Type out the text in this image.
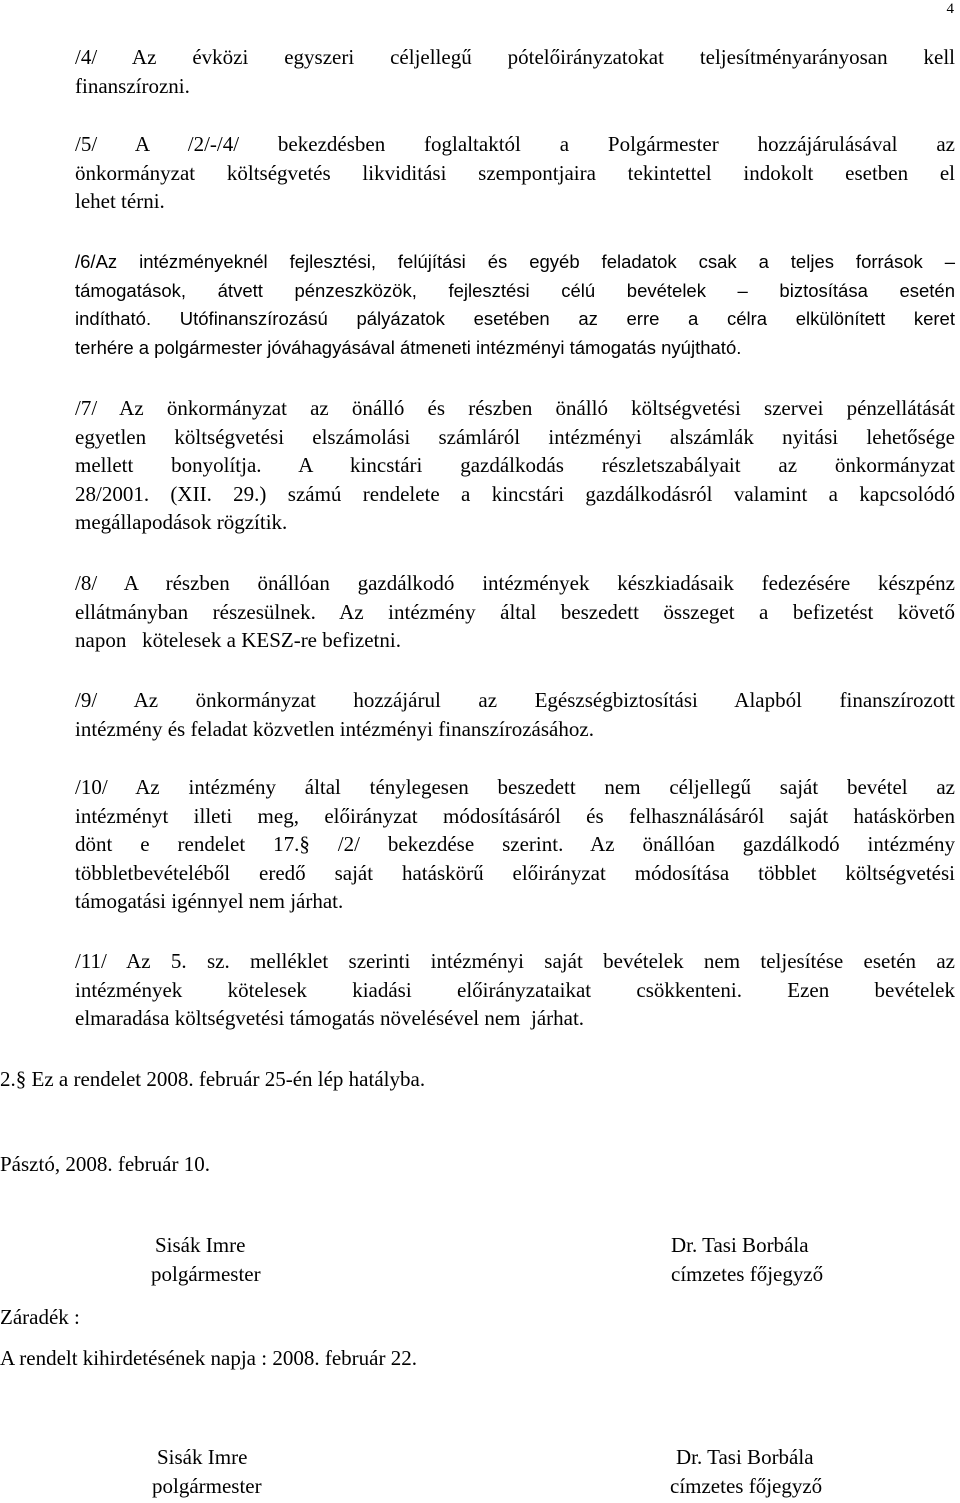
4
/4/ Az évközi egyszeri céljellegű pótelőirányzatokat teljesítményarányosan kell
finanszírozni.
/5/ A /2/-/4/ bekezdésben foglaltaktól a Polgármester hozzájárulásával az
önkormányzat költségvetés likviditási szempontjaira tekintettel indokolt esetben el
lehet térni.
/6/Az intézményeknél fejlesztési, felújítási és egyéb feladatok csak a teljes források –
támogatások, átvett pénzeszközök, fejlesztési célú bevételek – biztosítása esetén
indítható. Utófinanszírozású pályázatok esetében az erre a célra elkülönített keret
terhére a polgármester jóváhagyásával átmeneti intézményi támogatás nyújtható.
/7/ Az önkormányzat az önálló és részben önálló költségvetési szervei pénzellátását
egyetlen költségvetési elszámolási számláról intézményi alszámlák nyitási lehetősége
mellett bonyolítja. A kincstári gazdálkodás részletszabályait az önkormányzat
28/2001. (XII. 29.) számú rendelete a kincstári gazdálkodásról valamint a kapcsolódó
megállapodások rögzítik.
/8/ A részben önállóan gazdálkodó intézmények készkiadásaik fedezésére készpénz
ellátmányban részesülnek. Az intézmény által beszedett összeget a befizetést követő
napon   kötelesek a KESZ-re befizetni.
/9/ Az önkormányzat hozzájárul az Egészségbiztosítási Alapból finanszírozott
intézmény és feladat közvetlen intézményi finanszírozásához.
/10/ Az intézmény által ténylegesen beszedett nem céljellegű saját bevétel az
intézményt illeti meg, előirányzat módosításáról és felhasználásáról saját hatáskörben
dönt e rendelet 17.§ /2/ bekezdése szerint. Az önállóan gazdálkodó intézmény
többletbevételéből eredő saját hatáskörű előirányzat módosítása többlet költségvetési
támogatási igénnyel nem járhat.
/11/ Az 5. sz. melléklet szerinti intézményi saját bevételek nem teljesítése esetén az
intézmények kötelesek kiadási előirányzataikat csökkenteni. Ezen bevételek
elmaradása költségvetési támogatás növelésével nem  járhat.
2.§ Ez a rendelet 2008. február 25-én lép hatályba.
Pásztó, 2008. február 10.
Sisák Imre
polgármester
Dr. Tasi Borbála
címzetes főjegyző
Záradék :
A rendelt kihirdetésének napja : 2008. február 22.
Sisák Imre
polgármester
Dr. Tasi Borbála
címzetes főjegyző
